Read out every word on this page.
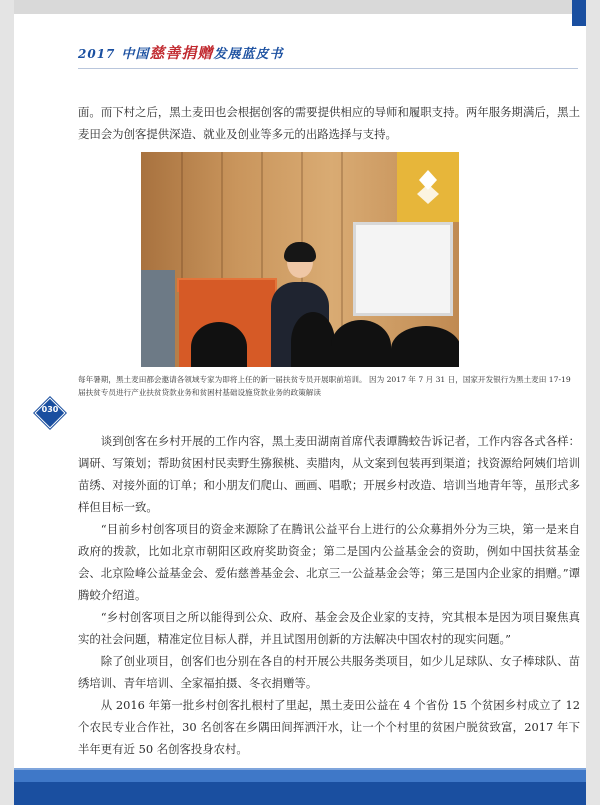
2017 中国慈善捐赠发展蓝皮书

面。而下村之后，黑土麦田也会根据创客的需要提供相应的导师和履职支持。两年服务期满后，黑土麦田会为创客提供深造、就业及创业等多元的出路选择与支持。

每年暑期，黑土麦田都会邀请各领域专家为即将上任的新一届扶贫专员开展职前培训。 因为 2017 年 7 月 31 日，国家开发银行为黑土麦田 17-19 届扶贫专员进行产业扶贫贷款业务和贫困村基础设施贷款业务的政策解读

030

谈到创客在乡村开展的工作内容，黑土麦田湖南首席代表谭腾蛟告诉记者，工作内容各式各样：调研、写策划；帮助贫困村民卖野生猕猴桃、卖腊肉，从文案到包装再到渠道；找资源给阿姨们培训苗绣、对接外面的订单；和小朋友们爬山、画画、唱歌；开展乡村改造、培训当地青年等，虽形式多样但目标一致。

“目前乡村创客项目的资金来源除了在腾讯公益平台上进行的公众募捐外分为三块，第一是来自政府的拨款，比如北京市朝阳区政府奖助资金；第二是国内公益基金会的资助，例如中国扶贫基金会、北京险峰公益基金会、爱佑慈善基金会、北京三一公益基金会等；第三是国内企业家的捐赠。”谭腾蛟介绍道。

“乡村创客项目之所以能得到公众、政府、基金会及企业家的支持，究其根本是因为项目聚焦真实的社会问题，精准定位目标人群，并且试图用创新的方法解决中国农村的现实问题。”

除了创业项目，创客们也分别在各自的村开展公共服务类项目，如少儿足球队、女子棒球队、苗绣培训、青年培训、全家福拍摄、冬衣捐赠等。

从 2016 年第一批乡村创客扎根村了里起，黑土麦田公益在 4 个省份 15 个贫困乡村成立了 12 个农民专业合作社，30 名创客在乡隅田间挥洒汗水，让一个个村里的贫困户脱贫致富，2017 年下半年更有近 50 名创客投身农村。
